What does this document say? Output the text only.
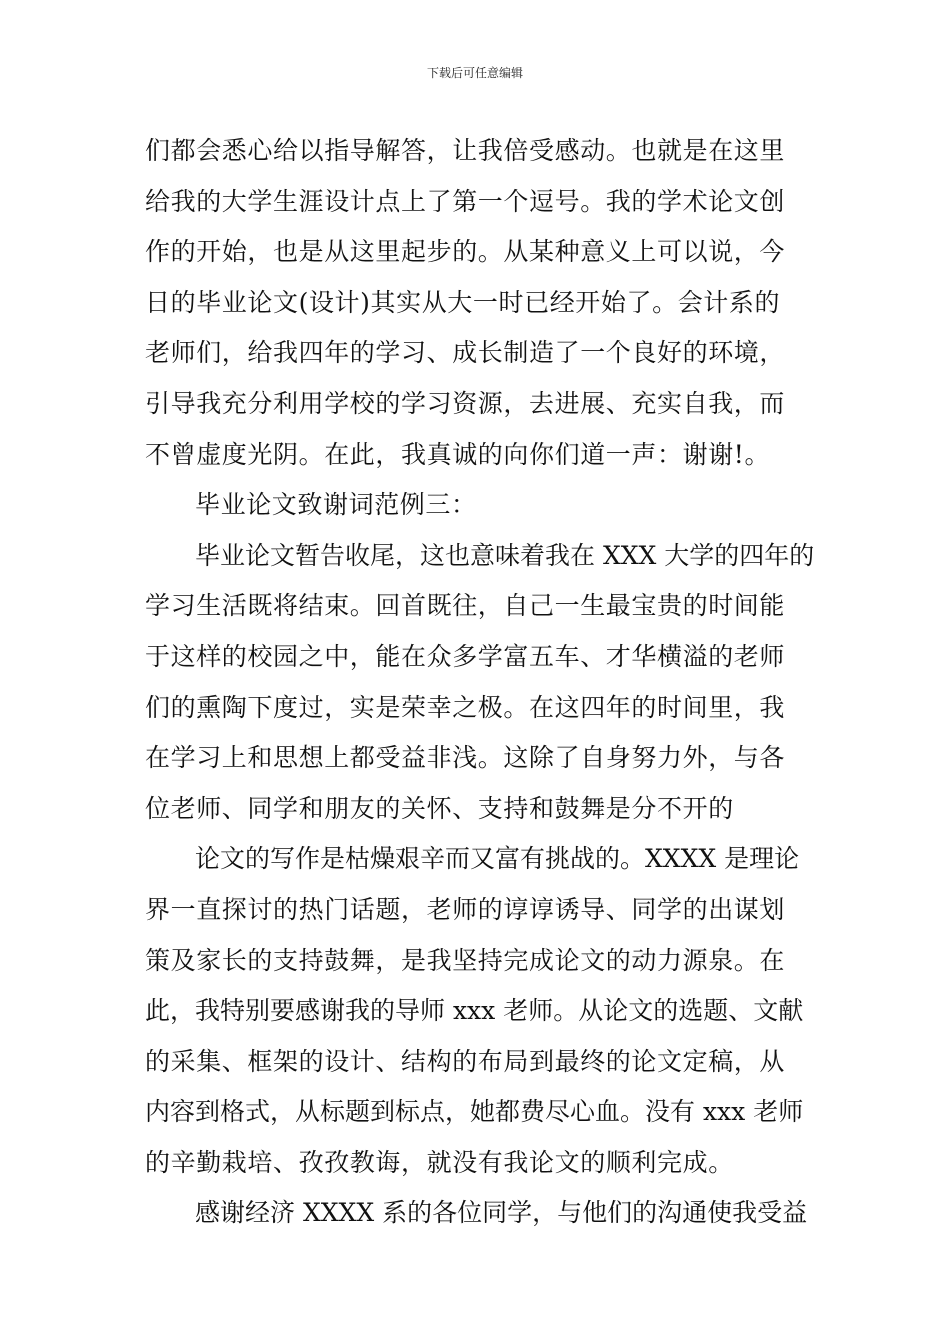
下载后可任意编辑
们都会悉心给以指导解答，让我倍受感动。也就是在这里
给我的大学生涯设计点上了第一个逗号。我的学术论文创
作的开始，也是从这里起步的。从某种意义上可以说，今
日的毕业论文(设计)其实从大一时已经开始了。会计系的
老师们，给我四年的学习、成长制造了一个良好的环境，
引导我充分利用学校的学习资源，去进展、充实自我，而
不曾虚度光阴。在此，我真诚的向你们道一声：谢谢!。
毕业论文致谢词范例三：
毕业论文暂告收尾，这也意味着我在 XXX 大学的四年的
学习生活既将结束。回首既往，自己一生最宝贵的时间能
于这样的校园之中，能在众多学富五车、才华横溢的老师
们的熏陶下度过，实是荣幸之极。在这四年的时间里，我
在学习上和思想上都受益非浅。这除了自身努力外，与各
位老师、同学和朋友的关怀、支持和鼓舞是分不开的
论文的写作是枯燥艰辛而又富有挑战的。XXXX 是理论
界一直探讨的热门话题，老师的谆谆诱导、同学的出谋划
策及家长的支持鼓舞，是我坚持完成论文的动力源泉。在
此，我特别要感谢我的导师 xxx 老师。从论文的选题、文献
的采集、框架的设计、结构的布局到最终的论文定稿，从
内容到格式，从标题到标点，她都费尽心血。没有 xxx 老师
的辛勤栽培、孜孜教诲，就没有我论文的顺利完成。
感谢经济 XXXX 系的各位同学，与他们的沟通使我受益
